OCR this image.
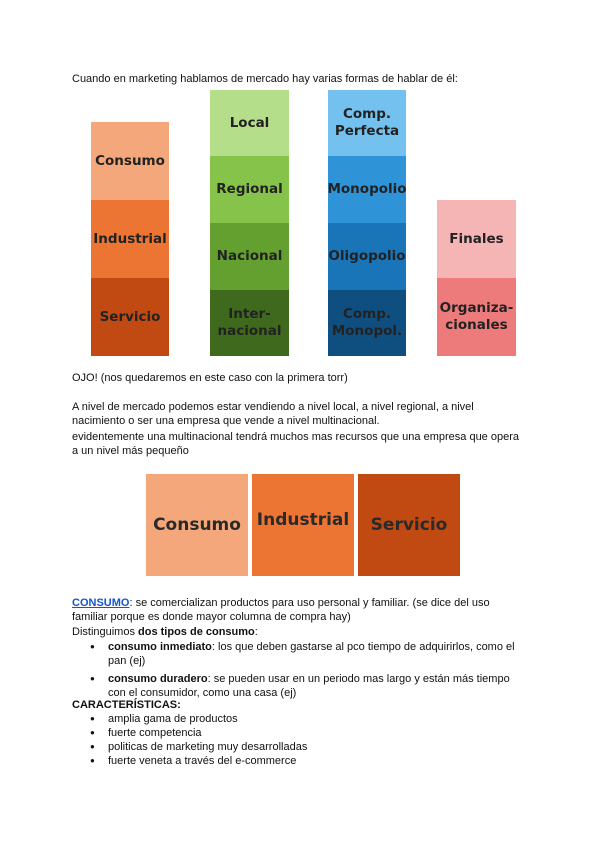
Cuando en marketing hablamos de mercado hay varias formas de hablar de él:

Consumo
Industrial
Servicio
Local
Regional
Nacional
Inter-
nacional
Comp.
Perfecta
Monopolio
Oligopolio
Comp.
Monopol.
Finales
Organiza-
cionales

OJO! (nos quedaremos en este caso con la primera torr)

A nivel de mercado podemos estar vendiendo a nivel local, a nivel regional, a nivel

nacimiento o ser una empresa que vende a nivel multinacional.

evidentemente una multinacional tendrá muchos mas recursos que una empresa que opera

a un nivel más pequeño

Consumo Industrial	Servicio

CONSUMO: se comercializan productos para uso personal y familiar. (se dice del uso

familiar porque es donde mayor columna de compra hay)

Distinguimos dos tipos de consumo:

● consumo inmediato: los que deben gastarse al pco tiempo de adquirirlos, como el
pan (ej)
● consumo duradero: se pueden usar en un periodo mas largo y están más tiempo
con el consumidor, como una casa (ej)

CARACTERÍSTICAS:

● amplia gama de productos
● fuerte competencia
● politicas de marketing muy desarrolladas
● fuerte veneta a través del e-commerce
